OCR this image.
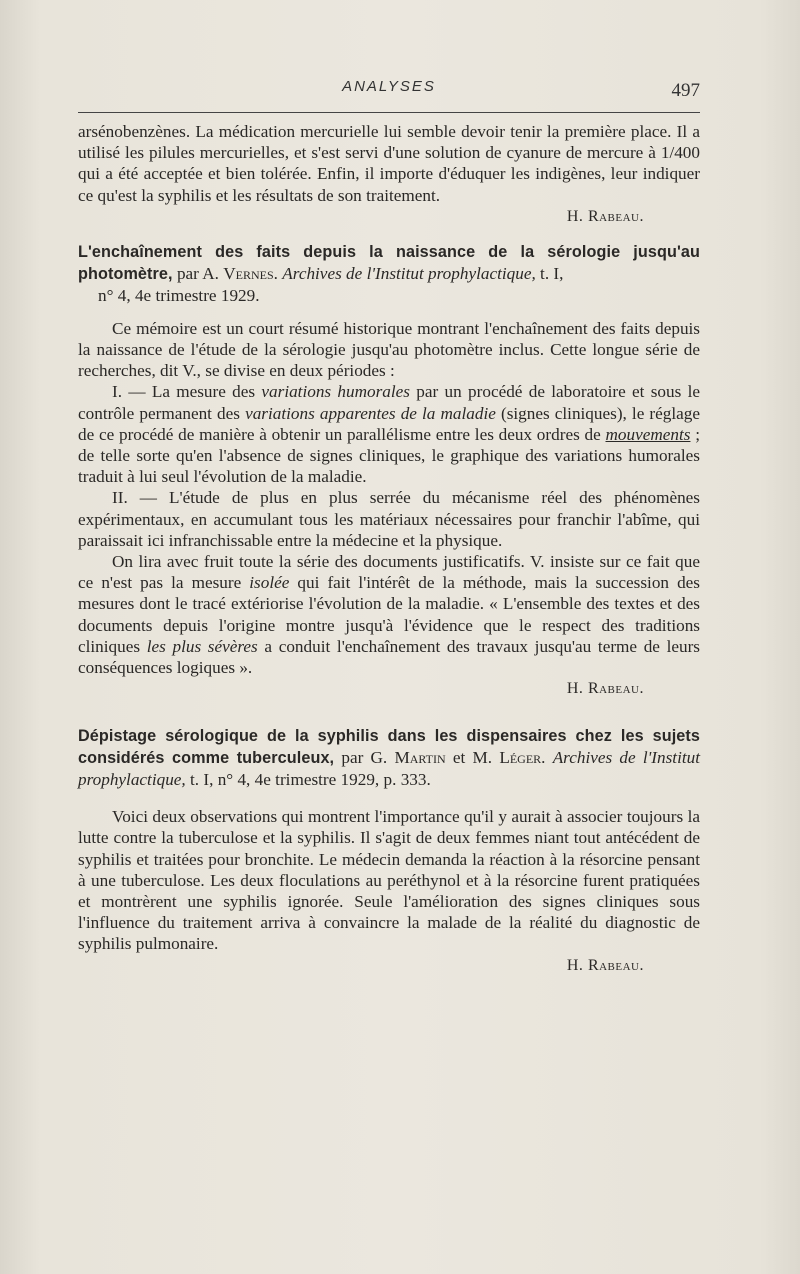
ANALYSES	497

arsénobenzènes. La médication mercurielle lui semble devoir tenir la première place. Il a utilisé les pilules mercurielles, et s'est servi d'une solution de cyanure de mercure à 1/400 qui a été acceptée et bien tolérée. Enfin, il importe d'éduquer les indigènes, leur indiquer ce qu'est la syphilis et les résultats de son traitement.

H. Rabeau.

L'enchaînement des faits depuis la naissance de la sérologie jusqu'au photomètre, par A. Vernes. Archives de l'Institut prophylactique, t. I,

n° 4, 4e trimestre 1929.

Ce mémoire est un court résumé historique montrant l'enchaînement des faits depuis la naissance de l'étude de la sérologie jusqu'au photomètre inclus. Cette longue série de recherches, dit V., se divise en deux périodes :

I. — La mesure des variations humorales par un procédé de laboratoire et sous le contrôle permanent des variations apparentes de la maladie (signes cliniques), le réglage de ce procédé de manière à obtenir un parallélisme entre les deux ordres de mouvements ; de telle sorte qu'en l'absence de signes cliniques, le graphique des variations humorales traduit à lui seul l'évolution de la maladie.

II. — L'étude de plus en plus serrée du mécanisme réel des phénomènes expérimentaux, en accumulant tous les matériaux nécessaires pour franchir l'abîme, qui paraissait ici infranchissable entre la médecine et la physique.

On lira avec fruit toute la série des documents justificatifs. V. insiste sur ce fait que ce n'est pas la mesure isolée qui fait l'intérêt de la méthode, mais la succession des mesures dont le tracé extériorise l'évolution de la maladie. « L'ensemble des textes et des documents depuis l'origine montre jusqu'à l'évidence que le respect des traditions cliniques les plus sévères a conduit l'enchaînement des travaux jusqu'au terme de leurs conséquences logiques ».

H. Rabeau.

Dépistage sérologique de la syphilis dans les dispensaires chez les sujets considérés comme tuberculeux, par G. Martin et M. Léger. Archives de l'Institut prophylactique, t. I, n° 4, 4e trimestre 1929, p. 333.

Voici deux observations qui montrent l'importance qu'il y aurait à associer toujours la lutte contre la tuberculose et la syphilis. Il s'agit de deux femmes niant tout antécédent de syphilis et traitées pour bronchite. Le médecin demanda la réaction à la résorcine pensant à une tuberculose. Les deux floculations au peréthynol et à la résorcine furent pratiquées et montrèrent une syphilis ignorée. Seule l'amélioration des signes cliniques sous l'influence du traitement arriva à convaincre la malade de la réalité du diagnostic de syphilis pulmonaire.

H. Rabeau.
